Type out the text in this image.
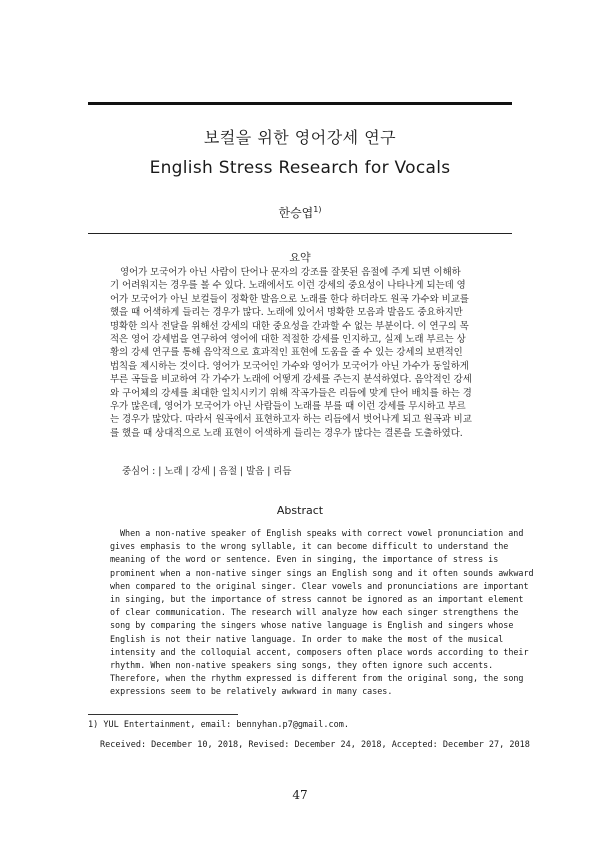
보컬을 위한 영어강세 연구
English Stress Research for Vocals
한승엽$^{1)}$
요약
영어가 모국어가 아닌 사람이 단어나 문자의 강조를 잘못된 음절에 주게 되면 이해하
기 어려워지는 경우를 볼 수 있다. 노래에서도 이런 강세의 중요성이 나타나게 되는데 영
어가 모국어가 아닌 보컬들이 정확한 발음으로 노래를 한다 하더라도 원곡 가수와 비교를
했을 때 어색하게 들리는 경우가 많다. 노래에 있어서 명확한 모음과 발음도 중요하지만
명확한 의사 전달을 위해선 강세의 대한 중요성을 간과할 수 없는 부분이다. 이 연구의 목
적은 영어 강세법을 연구하여 영어에 대한 적절한 강세를 인지하고, 실제 노래 부르는 상
황의 강세 연구를 통해 음악적으로 효과적인 표현에 도움을 줄 수 있는 강세의 보편적인
법칙을 제시하는 것이다. 영어가 모국어인 가수와 영어가 모국어가 아닌 가수가 동일하게
부른 곡들을 비교하여 각 가수가 노래에 어떻게 강세를 주는지 분석하였다. 음악적인 강세
와 구어체의 강세를 최대한 일치시키기 위해 작곡가들은 리듬에 맞게 단어 배치를 하는 경
우가 많은데, 영어가 모국어가 아닌 사람들이 노래를 부를 때 이런 강세를 무시하고 부르
는 경우가 많았다. 따라서 원곡에서 표현하고자 하는 리듬에서 벗어나게 되고 원곡과 비교
를 했을 때 상대적으로 노래 표현이 어색하게 들리는 경우가 많다는 결론을 도출하였다.
중심어 : | 노래 | 강세 | 음절 | 발음 | 리듬
Abstract
When a non-native speaker of English speaks with correct vowel pronunciation and
gives emphasis to the wrong syllable, it can become difficult to understand the
meaning of the word or sentence. Even in singing, the importance of stress is
prominent when a non-native singer sings an English song and it often sounds awkward
when compared to the original singer. Clear vowels and pronunciations are important
in singing, but the importance of stress cannot be ignored as an important element
of clear communication. The research will analyze how each singer strengthens the
song by comparing the singers whose native language is English and singers whose
English is not their native language. In order to make the most of the musical
intensity and the colloquial accent, composers often place words according to their
rhythm. When non-native speakers sing songs, they often ignore such accents.
Therefore, when the rhythm expressed is different from the original song, the song
expressions seem to be relatively awkward in many cases.
1) YUL Entertainment, email: bennyhan.p7@gmail.com.
Received: December 10, 2018, Revised: December 24, 2018, Accepted: December 27, 2018
47
